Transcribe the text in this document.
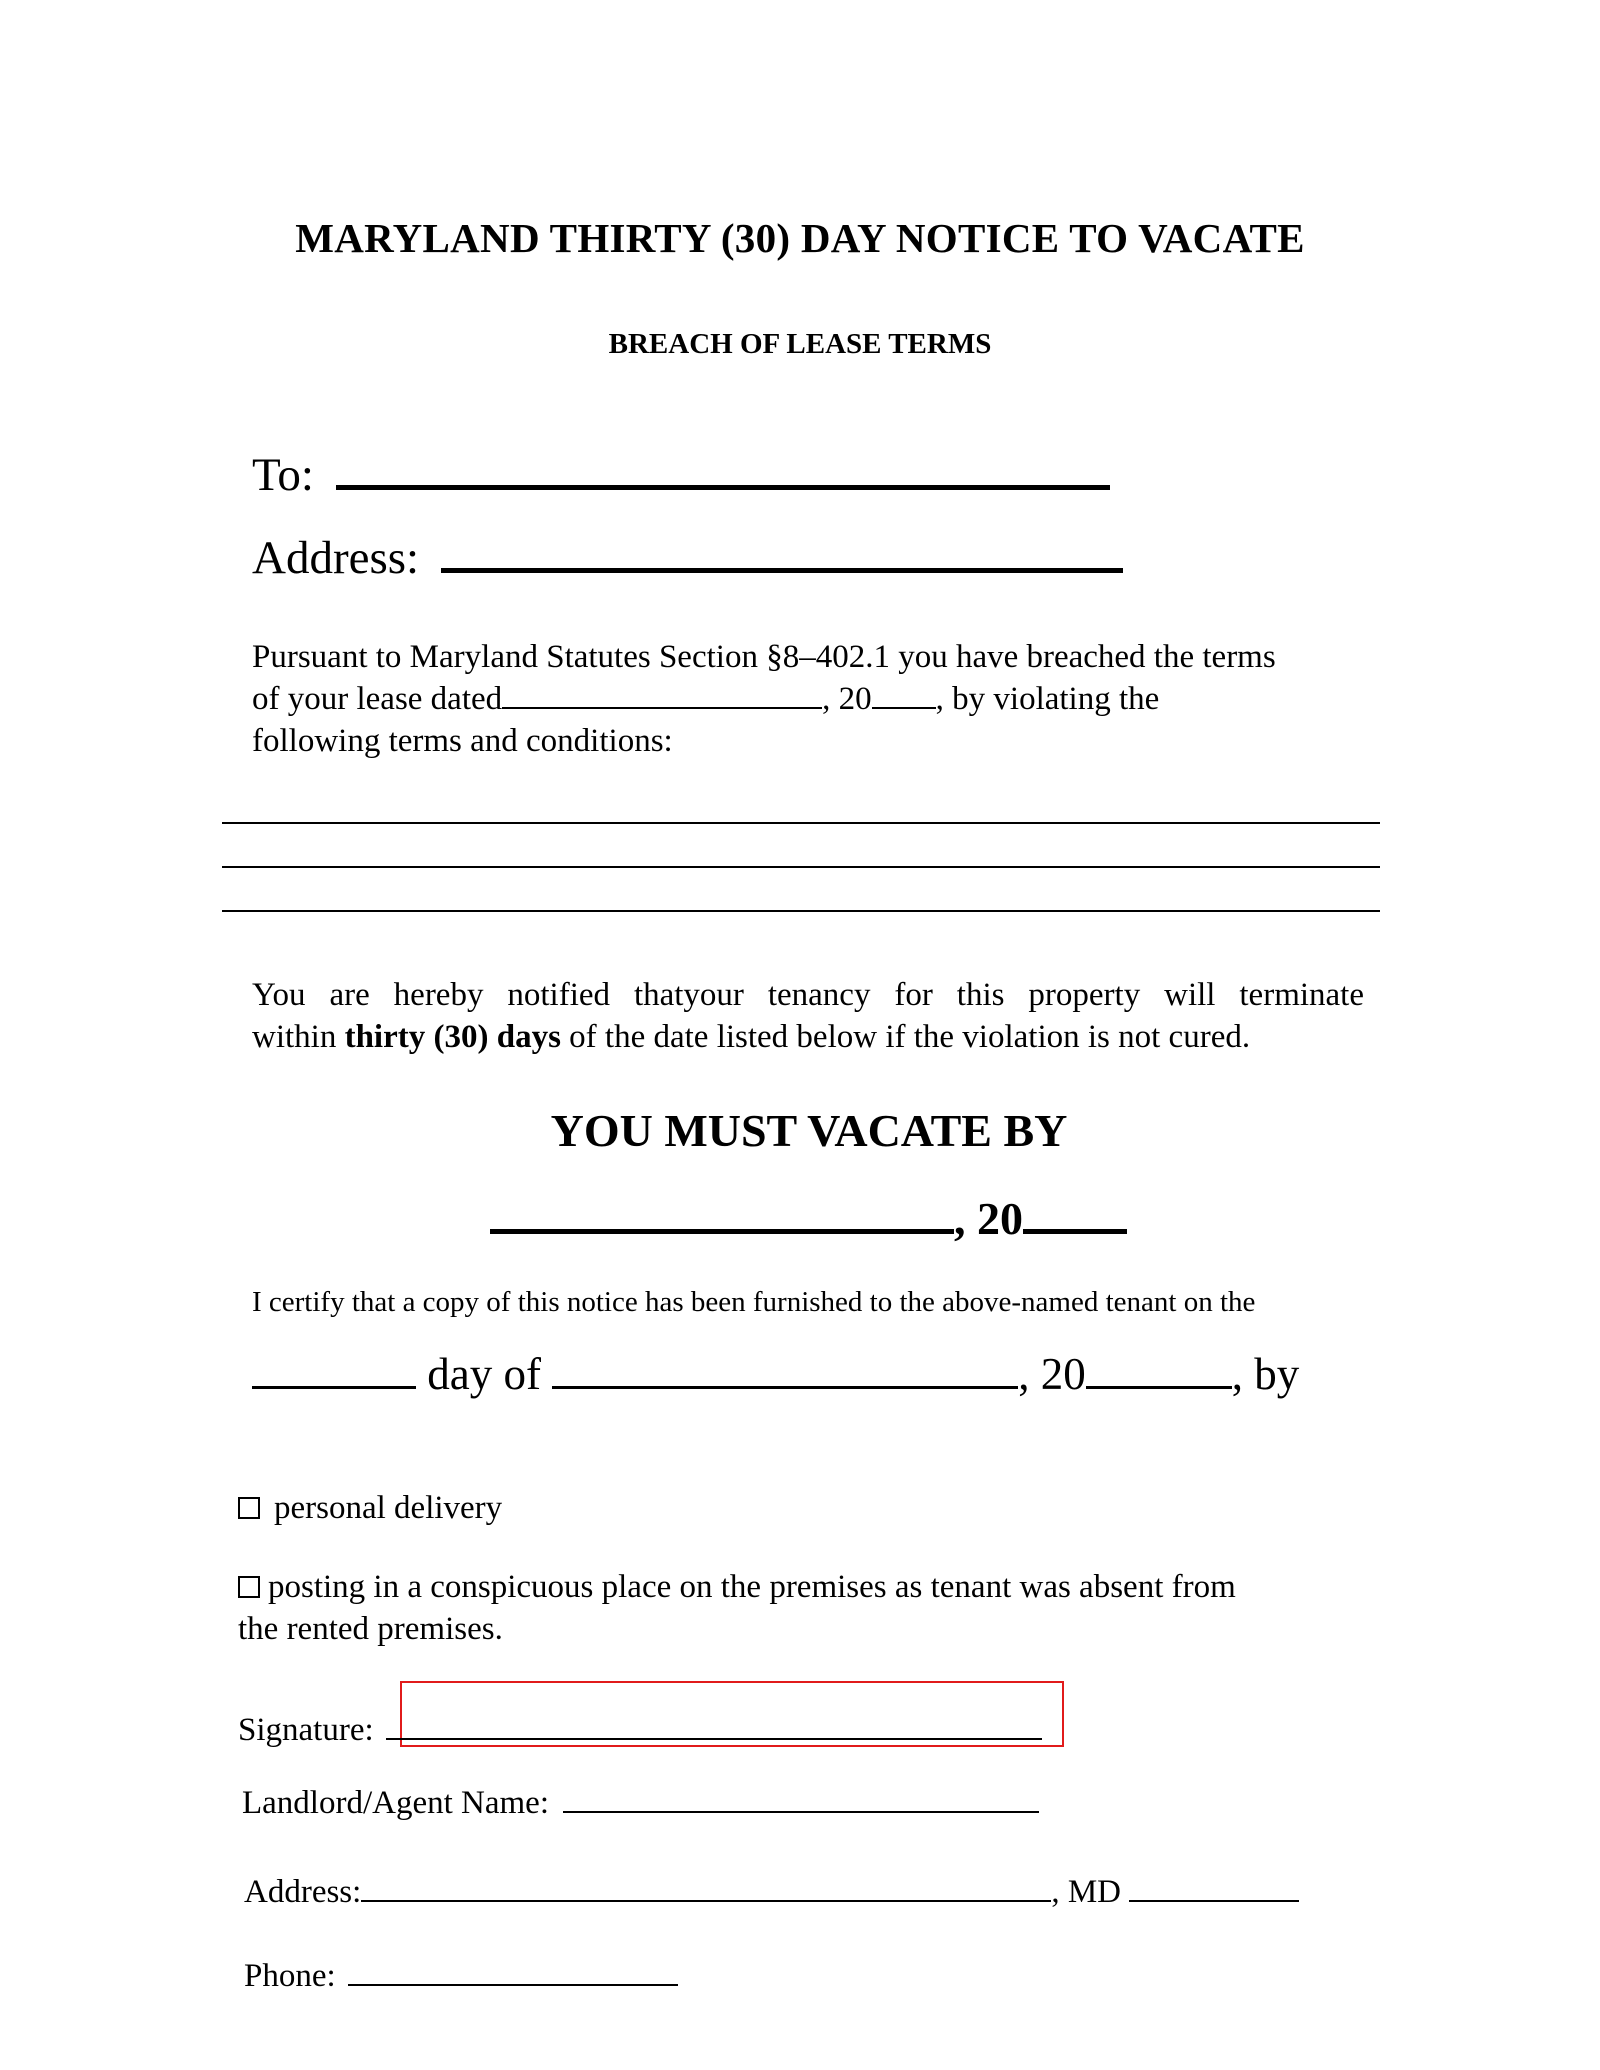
MARYLAND THIRTY (30) DAY NOTICE TO VACATE
BREACH OF LEASE TERMS
To:
Address:
Pursuant to Maryland Statutes Section §8–402.1 you have breached the terms
of your lease dated	, 20 , by violating the
following terms and conditions:
You are hereby notified thatyour tenancy for this property will terminate
within thirty (30) days of the date listed below if the violation is not cured.
YOU MUST VACATE BY
, 20
I certify that a copy of this notice has been furnished to the above-named tenant on the
day of	, 20	, by
personal delivery
posting in a conspicuous place on the premises as tenant was absent from
the rented premises.
Signature:
Landlord/Agent Name:
Address:	, MD
Phone:
